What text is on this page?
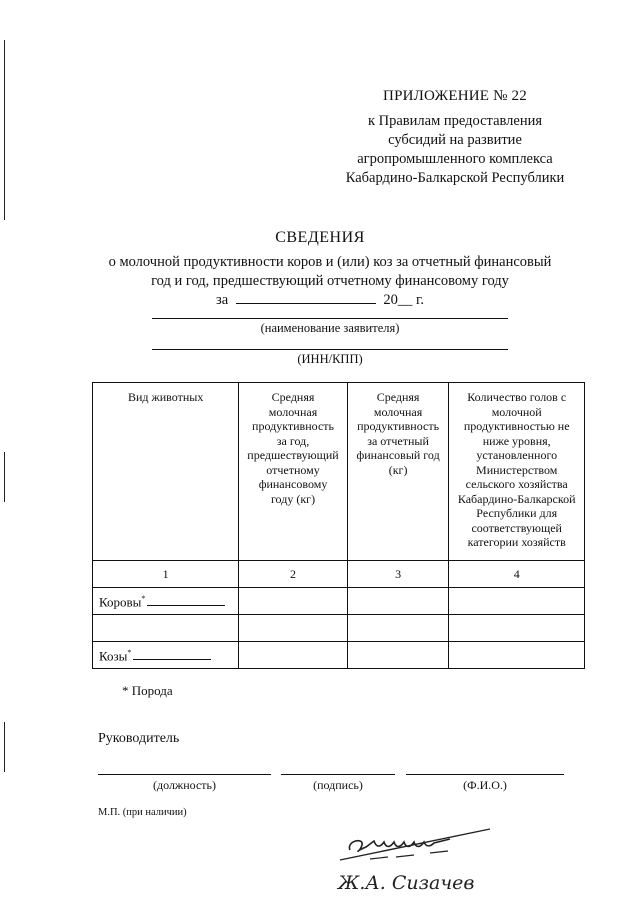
ПРИЛОЖЕНИЕ № 22
к Правилам предоставления
субсидий на развитие
агропромышленного комплекса
Кабардино-Балкарской Республики
СВЕДЕНИЯ
о молочной продуктивности коров и (или) коз за отчетный финансовый
год и год, предшествующий отчетному финансовому году
за	20__ г.
(наименование заявителя)
(ИНН/КПП)
Вид животных	Средняя молочная продуктивность за год, предшествующий отчетному финансовому году (кг)	Средняя молочная продуктивность за отчетный финансовый год (кг)	Количество голов с молочной продуктивностью не ниже уровня, установленного Министерством сельского хозяйства Кабардино-Балкарской Республики для соответствующей категории хозяйств

1	2	3	4
Коровы*			

Козы*			
* Порода
Руководитель
(должность)	(подпись)	(Ф.И.О.)
М.П. (при наличии)
Ж.А. Сизачев
